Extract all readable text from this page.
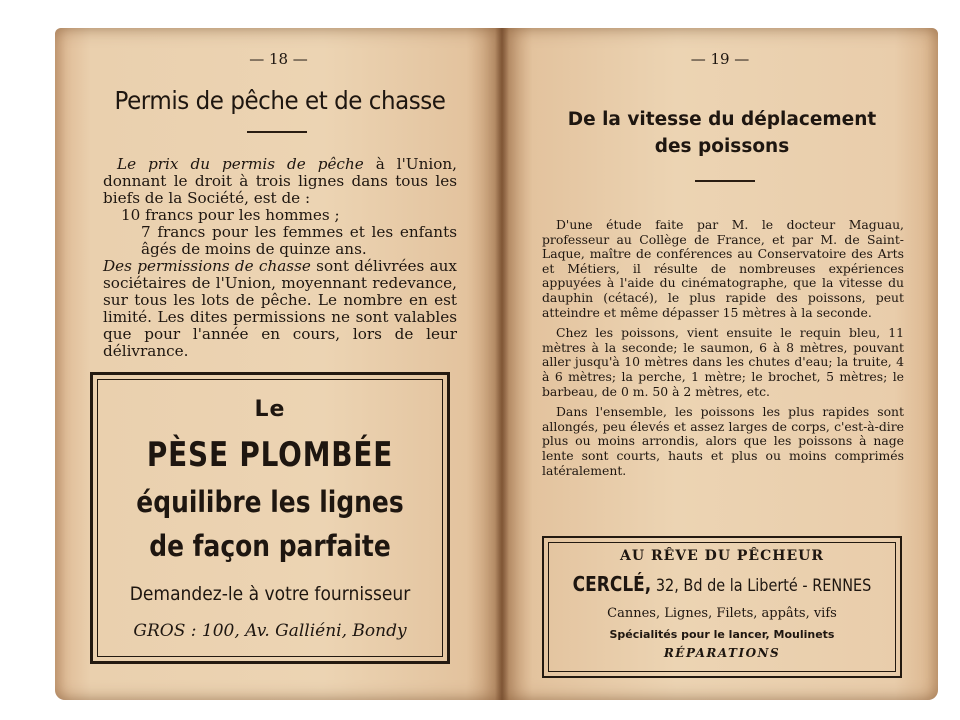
— 18 —
Permis de pêche et de chasse

Le prix du permis de pêche à l'Union, donnant le droit à trois lignes dans tous les biefs de la Société, est de :

10 francs pour les hommes ;

7 francs pour les femmes et les enfants âgés de moins de quinze ans.

Des permissions de chasse sont délivrées aux sociétaires de l'Union, moyennant redevance, sur tous les lots de pêche. Le nombre en est limité. Les dites permissions ne sont valables que pour l'année en cours, lors de leur délivrance.

Le
PÈSE PLOMBÉE
équilibre les lignes
de façon parfaite
Demandez-le à votre fournisseur
GROS : 100, Av. Galliéni, Bondy
— 19 —
De la vitesse du déplacement
des poissons

D'une étude faite par M. le docteur Maguau, professeur au Collège de France, et par M. de Saint-Laque, maître de conférences au Conservatoire des Arts et Métiers, il résulte de nombreuses expériences appuyées à l'aide du cinématographe, que la vitesse du dauphin (cétacé), le plus rapide des poissons, peut atteindre et même dépasser 15 mètres à la seconde.

Chez les poissons, vient ensuite le requin bleu, 11 mètres à la seconde; le saumon, 6 à 8 mètres, pouvant aller jusqu'à 10 mètres dans les chutes d'eau; la truite, 4 à 6 mètres; la perche, 1 mètre; le brochet, 5 mètres; le barbeau, de 0 m. 50 à 2 mètres, etc.

Dans l'ensemble, les poissons les plus rapides sont allongés, peu élevés et assez larges de corps, c'est-à-dire plus ou moins arrondis, alors que les poissons à nage lente sont courts, hauts et plus ou moins comprimés latéralement.

AU RÊVE DU PÊCHEUR
CERCLÉ, 32, Bd de la Liberté - RENNES
Cannes, Lignes, Filets, appâts, vifs
Spécialités pour le lancer, Moulinets
RÉPARATIONS
